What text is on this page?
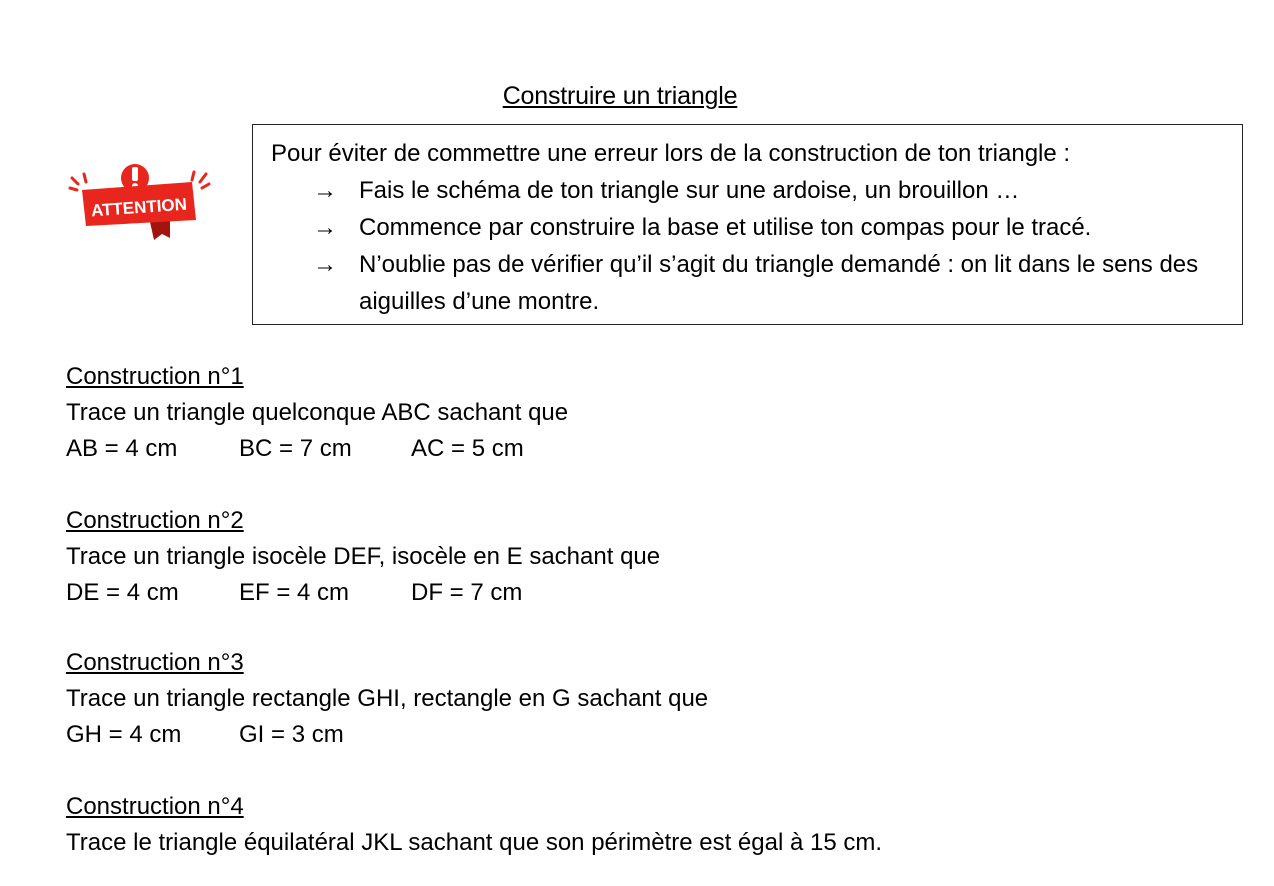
Construire un triangle
ATTENTION

Pour éviter de commettre une erreur lors de la construction de ton triangle :

→ Fais le schéma de ton triangle sur une ardoise, un brouillon …
→ Commence par construire la base et utilise ton compas pour le tracé.
→ N’oublie pas de vérifier qu’il s’agit du triangle demandé : on lit dans le sens des aiguilles d’une montre.
Construction n°1
Trace un triangle quelconque ABC sachant que
AB = 4 cm	BC = 7 cm AC = 5 cm
Construction n°2
Trace un triangle isocèle DEF, isocèle en E sachant que
DE = 4 cm	EF = 4 cm	DF = 7 cm
Construction n°3
Trace un triangle rectangle GHI, rectangle en G sachant que
GH = 4 cm GI = 3 cm
Construction n°4
Trace le triangle équilatéral JKL sachant que son périmètre est égal à 15 cm.
